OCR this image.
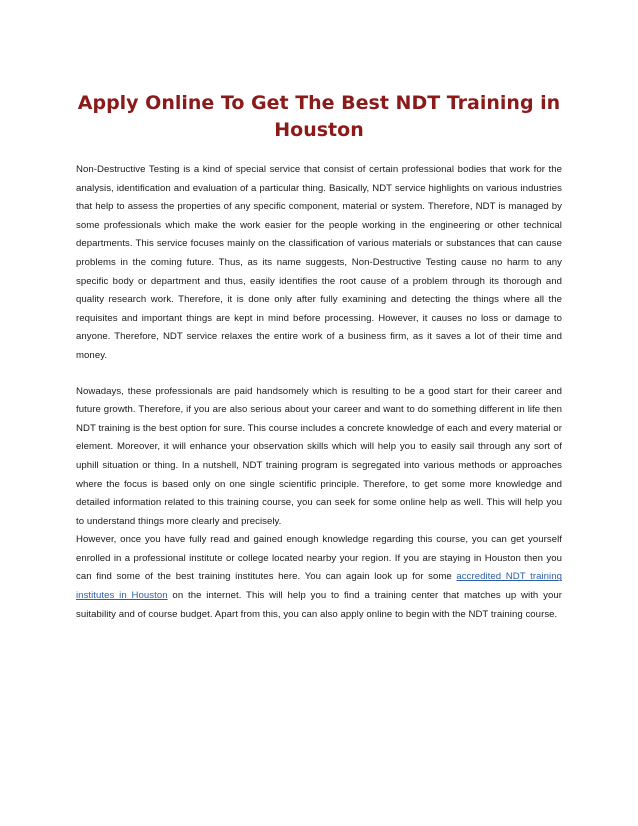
Apply Online To Get The Best NDT Training in Houston

Non-Destructive Testing is a kind of special service that consist of certain professional bodies that work for the analysis, identification and evaluation of a particular thing. Basically, NDT service highlights on various industries that help to assess the properties of any specific component, material or system. Therefore, NDT is managed by some professionals which make the work easier for the people working in the engineering or other technical departments. This service focuses mainly on the classification of various materials or substances that can cause problems in the coming future. Thus, as its name suggests, Non-Destructive Testing cause no harm to any specific body or department and thus, easily identifies the root cause of a problem through its thorough and quality research work. Therefore, it is done only after fully examining and detecting the things where all the requisites and important things are kept in mind before processing. However, it causes no loss or damage to anyone. Therefore, NDT service relaxes the entire work of a business firm, as it saves a lot of their time and money.

Nowadays, these professionals are paid handsomely which is resulting to be a good start for their career and future growth. Therefore, if you are also serious about your career and want to do something different in life then NDT training is the best option for sure. This course includes a concrete knowledge of each and every material or element. Moreover, it will enhance your observation skills which will help you to easily sail through any sort of uphill situation or thing. In a nutshell, NDT training program is segregated into various methods or approaches where the focus is based only on one single scientific principle. Therefore, to get some more knowledge and detailed information related to this training course, you can seek for some online help as well. This will help you to understand things more clearly and precisely.

However, once you have fully read and gained enough knowledge regarding this course, you can get yourself enrolled in a professional institute or college located nearby your region. If you are staying in Houston then you can find some of the best training institutes here. You can again look up for some accredited NDT training institutes in Houston on the internet. This will help you to find a training center that matches up with your suitability and of course budget. Apart from this, you can also apply online to begin with the NDT training course.
